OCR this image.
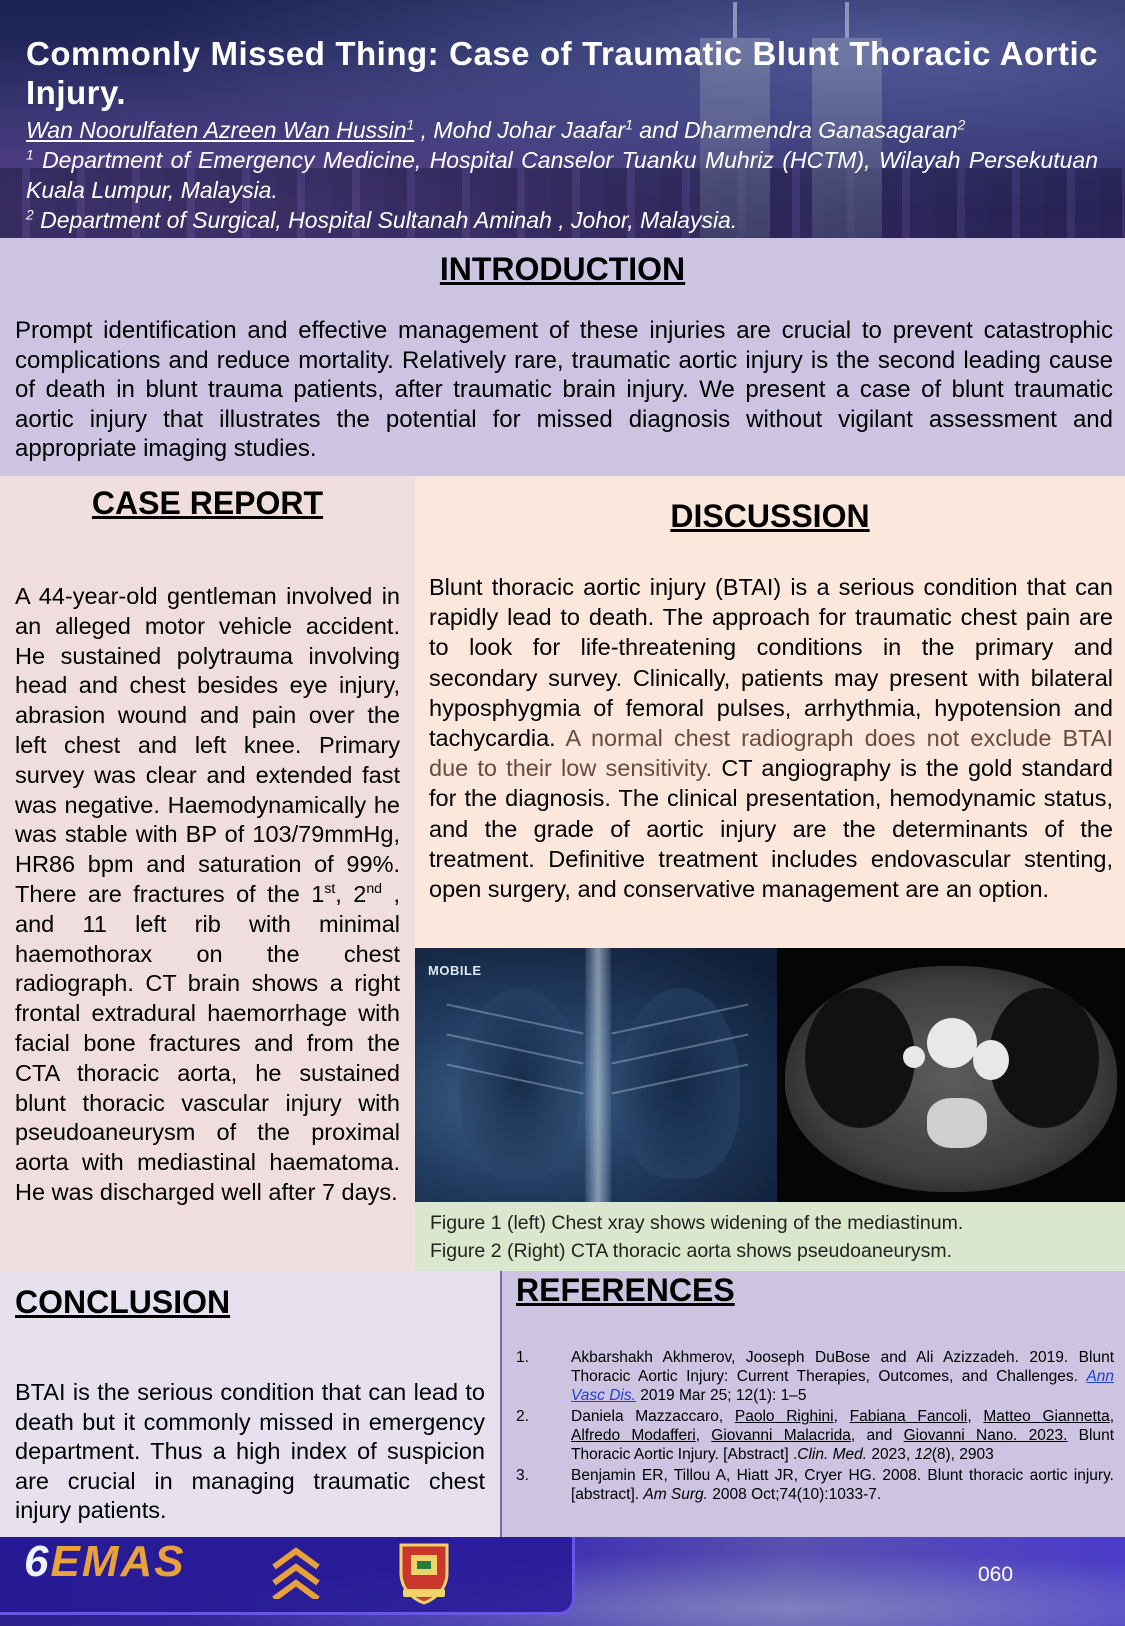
Commonly Missed Thing: Case of Traumatic Blunt Thoracic Aortic Injury.
Wan Noorulfaten Azreen Wan Hussin$^1$ , Mohd Johar Jaafar$^1$ and Dharmendra Ganasagaran$^2$
$^1$ Department of Emergency Medicine, Hospital Canselor Tuanku Muhriz (HCTM), Wilayah Persekutuan Kuala Lumpur, Malaysia.
$^2$ Department of Surgical, Hospital Sultanah Aminah , Johor, Malaysia.
INTRODUCTION
Prompt identification and effective management of these injuries are crucial to prevent catastrophic complications and reduce mortality. Relatively rare, traumatic aortic injury is the second leading cause of death in blunt trauma patients, after traumatic brain injury. We present a case of blunt traumatic aortic injury that illustrates the potential for missed diagnosis without vigilant assessment and appropriate imaging studies.
CASE REPORT
A 44-year-old gentleman involved in an alleged motor vehicle accident. He sustained polytrauma involving head and chest besides eye injury, abrasion wound and pain over the left chest and left knee. Primary survey was clear and extended fast was negative. Haemodynamically he was stable with BP of 103/79mmHg, HR86 bpm and saturation of 99%. There are fractures of the 1st, 2nd , and 11 left rib with minimal haemothorax on the chest radiograph. CT brain shows a right frontal extradural haemorrhage with facial bone fractures and from the CTA thoracic aorta, he sustained blunt thoracic vascular injury with pseudoaneurysm of the proximal aorta with mediastinal haematoma. He was discharged well after 7 days.
DISCUSSION
Blunt thoracic aortic injury (BTAI) is a serious condition that can rapidly lead to death. The approach for traumatic chest pain are to look for life-threatening conditions in the primary and secondary survey. Clinically, patients may present with bilateral hyposphygmia of femoral pulses, arrhythmia, hypotension and tachycardia. A normal chest radiograph does not exclude BTAI due to their low sensitivity. CT angiography is the gold standard for the diagnosis. The clinical presentation, hemodynamic status, and the grade of aortic injury are the determinants of the treatment. Definitive treatment includes endovascular stenting, open surgery, and conservative management are an option.
MOBILE
Figure 1 (left) Chest xray shows widening of the mediastinum.
Figure 2 (Right) CTA thoracic aorta shows pseudoaneurysm.
CONCLUSION
BTAI is the serious condition that can lead to death but it commonly missed in emergency department. Thus a high index of suspicion are crucial in managing traumatic chest injury patients.
REFERENCES
1.	Akbarshakh Akhmerov, Jooseph DuBose and Ali Azizzadeh. 2019. Blunt Thoracic Aortic Injury: Current Therapies, Outcomes, and Challenges. Ann Vasc Dis. 2019 Mar 25; 12(1): 1–5
2.	Daniela Mazzaccaro, Paolo Righini, Fabiana Fancoli, Matteo Giannetta, Alfredo Modafferi, Giovanni Malacrida, and Giovanni Nano. 2023. Blunt Thoracic Aortic Injury. [Abstract] .Clin. Med. 2023, 12(8), 2903
3.	Benjamin ER, Tillou A, Hiatt JR, Cryer HG. 2008. Blunt thoracic aortic injury. [abstract]. Am Surg. 2008 Oct;74(10):1033-7.
6EMAS	060
